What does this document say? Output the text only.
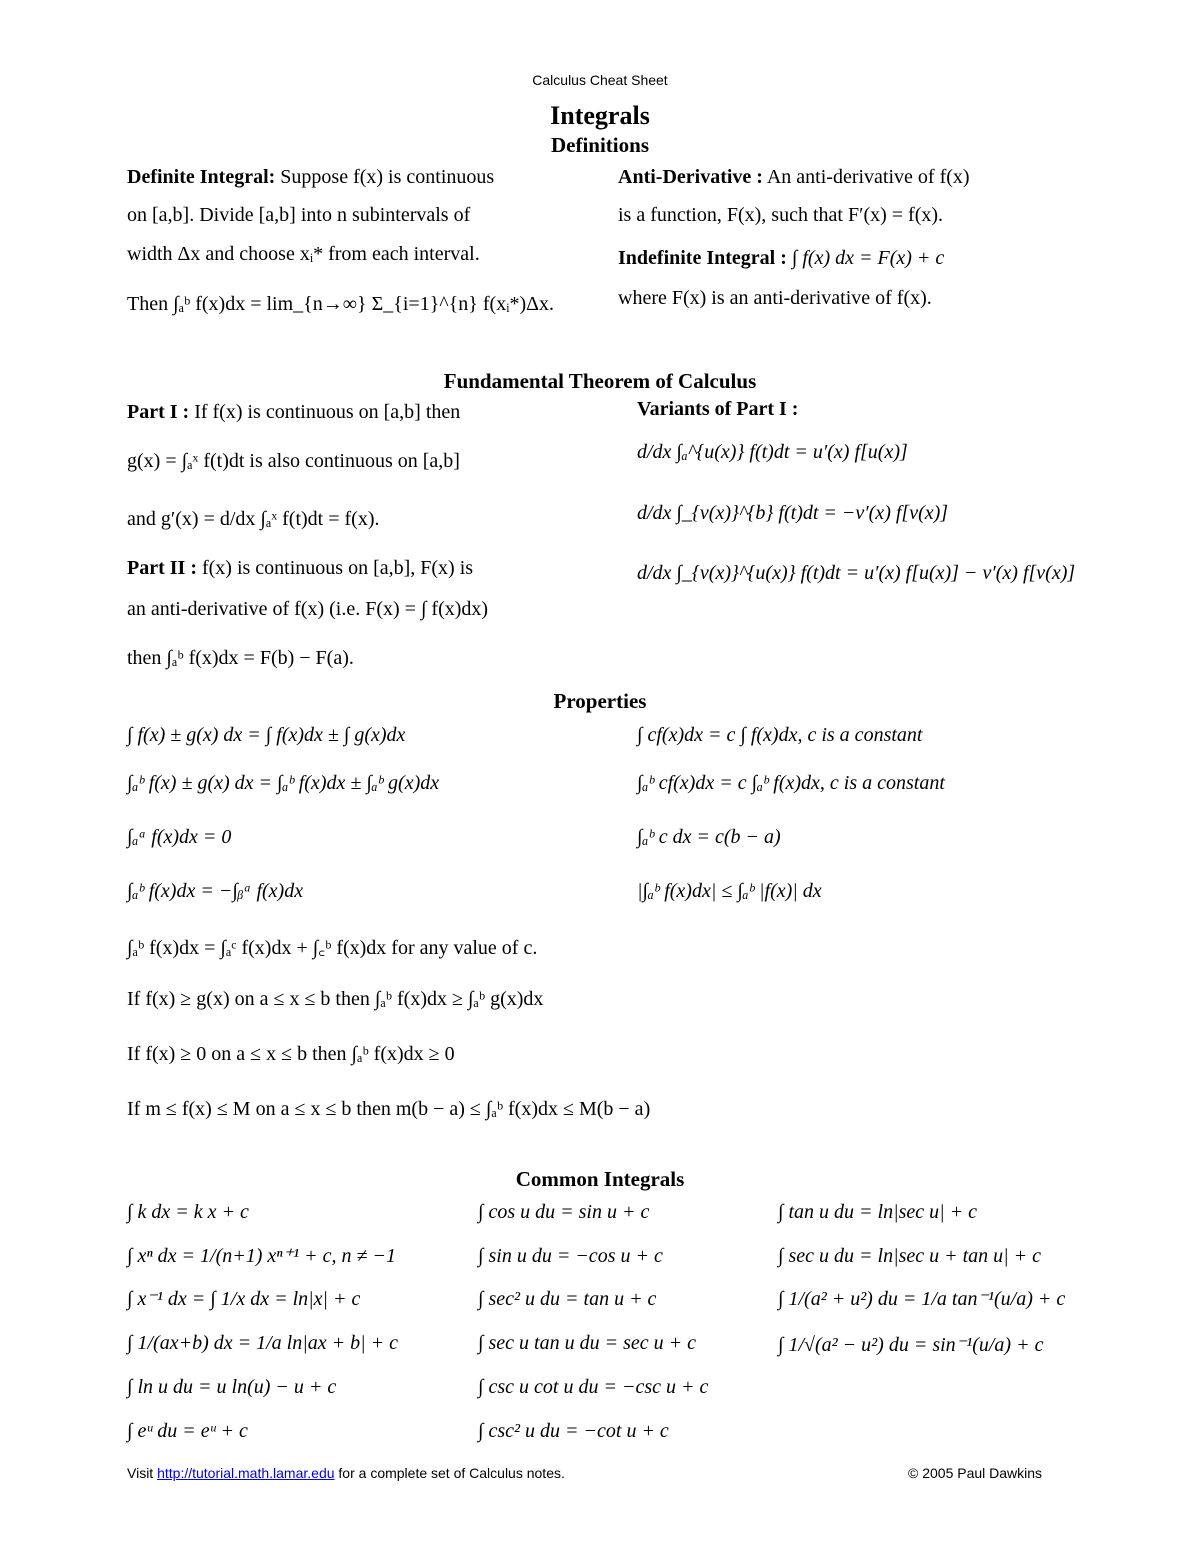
Calculus Cheat Sheet
Integrals
Definitions
Definite Integral: Suppose f(x) is continuous
on [a,b]. Divide [a,b] into n subintervals of
width Δx and choose xᵢ* from each interval.
Then ∫ₐᵇ f(x)dx = lim_{n→∞} Σ_{i=1}^{n} f(xᵢ*)Δx.
Anti-Derivative : An anti-derivative of f(x)
is a function, F(x), such that F′(x) = f(x).
Indefinite Integral : ∫ f(x) dx = F(x) + c
where F(x) is an anti-derivative of f(x).
Fundamental Theorem of Calculus
Part I : If f(x) is continuous on [a,b] then
g(x) = ∫ₐˣ f(t)dt is also continuous on [a,b]
and g′(x) = d/dx ∫ₐˣ f(t)dt = f(x).
Part II : f(x) is continuous on [a,b], F(x) is
an anti-derivative of f(x) (i.e. F(x) = ∫ f(x)dx)
then ∫ₐᵇ f(x)dx = F(b) − F(a).
Variants of Part I :
d/dx ∫ₐ^{u(x)} f(t)dt = u′(x) f[u(x)]
d/dx ∫_{v(x)}^{b} f(t)dt = −v′(x) f[v(x)]
d/dx ∫_{v(x)}^{u(x)} f(t)dt = u′(x) f[u(x)] − v′(x) f[v(x)]
Properties
∫ f(x) ± g(x) dx = ∫ f(x)dx ± ∫ g(x)dx
∫ₐᵇ f(x) ± g(x) dx = ∫ₐᵇ f(x)dx ± ∫ₐᵇ g(x)dx
∫ₐᵃ f(x)dx = 0
∫ₐᵇ f(x)dx = −∫ᵦᵃ f(x)dx
∫ cf(x)dx = c ∫ f(x)dx, c is a constant
∫ₐᵇ cf(x)dx = c ∫ₐᵇ f(x)dx, c is a constant
∫ₐᵇ c dx = c(b − a)
|∫ₐᵇ f(x)dx| ≤ ∫ₐᵇ |f(x)| dx
∫ₐᵇ f(x)dx = ∫ₐᶜ f(x)dx + ∫꜀ᵇ f(x)dx for any value of c.
If f(x) ≥ g(x) on a ≤ x ≤ b then ∫ₐᵇ f(x)dx ≥ ∫ₐᵇ g(x)dx
If f(x) ≥ 0 on a ≤ x ≤ b then ∫ₐᵇ f(x)dx ≥ 0
If m ≤ f(x) ≤ M on a ≤ x ≤ b then m(b − a) ≤ ∫ₐᵇ f(x)dx ≤ M(b − a)
Common Integrals
∫ k dx = k x + c
∫ xⁿ dx = 1/(n+1) xⁿ⁺¹ + c, n ≠ −1
∫ x⁻¹ dx = ∫ 1/x dx = ln|x| + c
∫ 1/(ax+b) dx = 1/a ln|ax + b| + c
∫ ln u du = u ln(u) − u + c
∫ eᵘ du = eᵘ + c
∫ cos u du = sin u + c
∫ sin u du = −cos u + c
∫ sec² u du = tan u + c
∫ sec u tan u du = sec u + c
∫ csc u cot u du = −csc u + c
∫ csc² u du = −cot u + c
∫ tan u du = ln|sec u| + c
∫ sec u du = ln|sec u + tan u| + c
∫ 1/(a² + u²) du = 1/a tan⁻¹(u/a) + c
∫ 1/√(a² − u²) du = sin⁻¹(u/a) + c
Visit http://tutorial.math.lamar.edu for a complete set of Calculus notes.	© 2005 Paul Dawkins
